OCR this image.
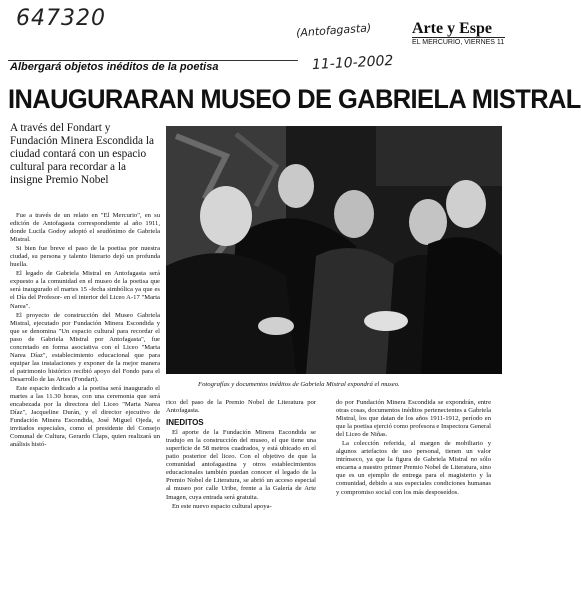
647320	(Antofagasta)
11-10-2002
Arte y Espe
EL MERCURIO, VIERNES 11
Albergará objetos inéditos de la poetisa
INAUGURARAN MUSEO DE GABRIELA MISTRAL
A través del Fondart y Fundación Minera Escondida la ciudad contará con un espacio cultural para recordar a la insigne Premio Nobel
Fotografías y documentos inéditos de Gabriela Mistral expondrá el museo.

Fue a través de un relato en "El Mercurio", en su edición de Antofagasta correspondiente al año 1911, donde Lucila Godoy adoptó el seudónimo de Gabriela Mistral.

Si bien fue breve el paso de la poetisa por nuestra ciudad, su persona y talento literario dejó un profunda huella.

El legado de Gabriela Mistral en Antofagasta será expuesto a la comunidad en el museo de la poetisa que será inaugurado el martes 15 -fecha simbólica ya que es el Día del Profesor- en el interior del Liceo A-17 "Marta Narea".

El proyecto de construcción del Museo Gabriela Mistral, ejecutado por Fundación Minera Escondida y que se denomina "Un espacio cultural para recordar el paso de Gabriela Mistral por Antofagasta", fue concretado en forma asociativa con el Liceo "Marta Narea Díaz", establecimiento educacional que para equipar las instalaciones y exponer de la mejor manera el patrimonio histórico recibió apoyo del Fondo para el Desarrollo de las Artes (Fondart).

Este espacio dedicado a la poetisa será inaugurado el martes a las 11.30 horas, con una ceremonia que será encabezada por la directora del Liceo "Marta Narea Díaz", Jacqueline Durán, y el director ejecutivo de Fundación Minera Escondida, José Miguel Ojeda, e invitados especiales, como el presidente del Consejo Comunal de Cultura, Gerardo Claps, quien realizará un análisis histó-

rico del paso de la Premio Nobel de Literatura por Antofagasta.

INEDITOS

El aporte de la Fundación Minera Escondida se tradujo en la construcción del museo, el que tiene una superficie de 58 metros cuadrados, y está ubicado en el patio posterior del liceo. Con el objetivo de que la comunidad antofagastina y otros establecimientos educacionales también puedan conocer el legado de la Premio Nobel de Literatura, se abrió un acceso especial al museo por calle Uribe, frente a la Galería de Arte Imagen, cuya entrada será gratuita.

En este nuevo espacio cultural apoya-

do por Fundación Minera Escondida se expondrán, entre otras cosas, documentos inéditos pertenecientes a Gabriela Mistral, los que datan de los años 1911-1912, período en que la poetisa ejerció como profesora e Inspectora General del Liceo de Niñas.

La colección referida, al margen de mobiliario y algunos artefactos de uso personal, tienen un valor intrínseco, ya que la figura de Gabriela Mistral no sólo encarna a nuestro primer Premio Nobel de Literatura, sino que es un ejemplo de entrega para el magisterio y la comunidad, debido a sus especiales condiciones humanas y compromiso social con los más desposeídos.
